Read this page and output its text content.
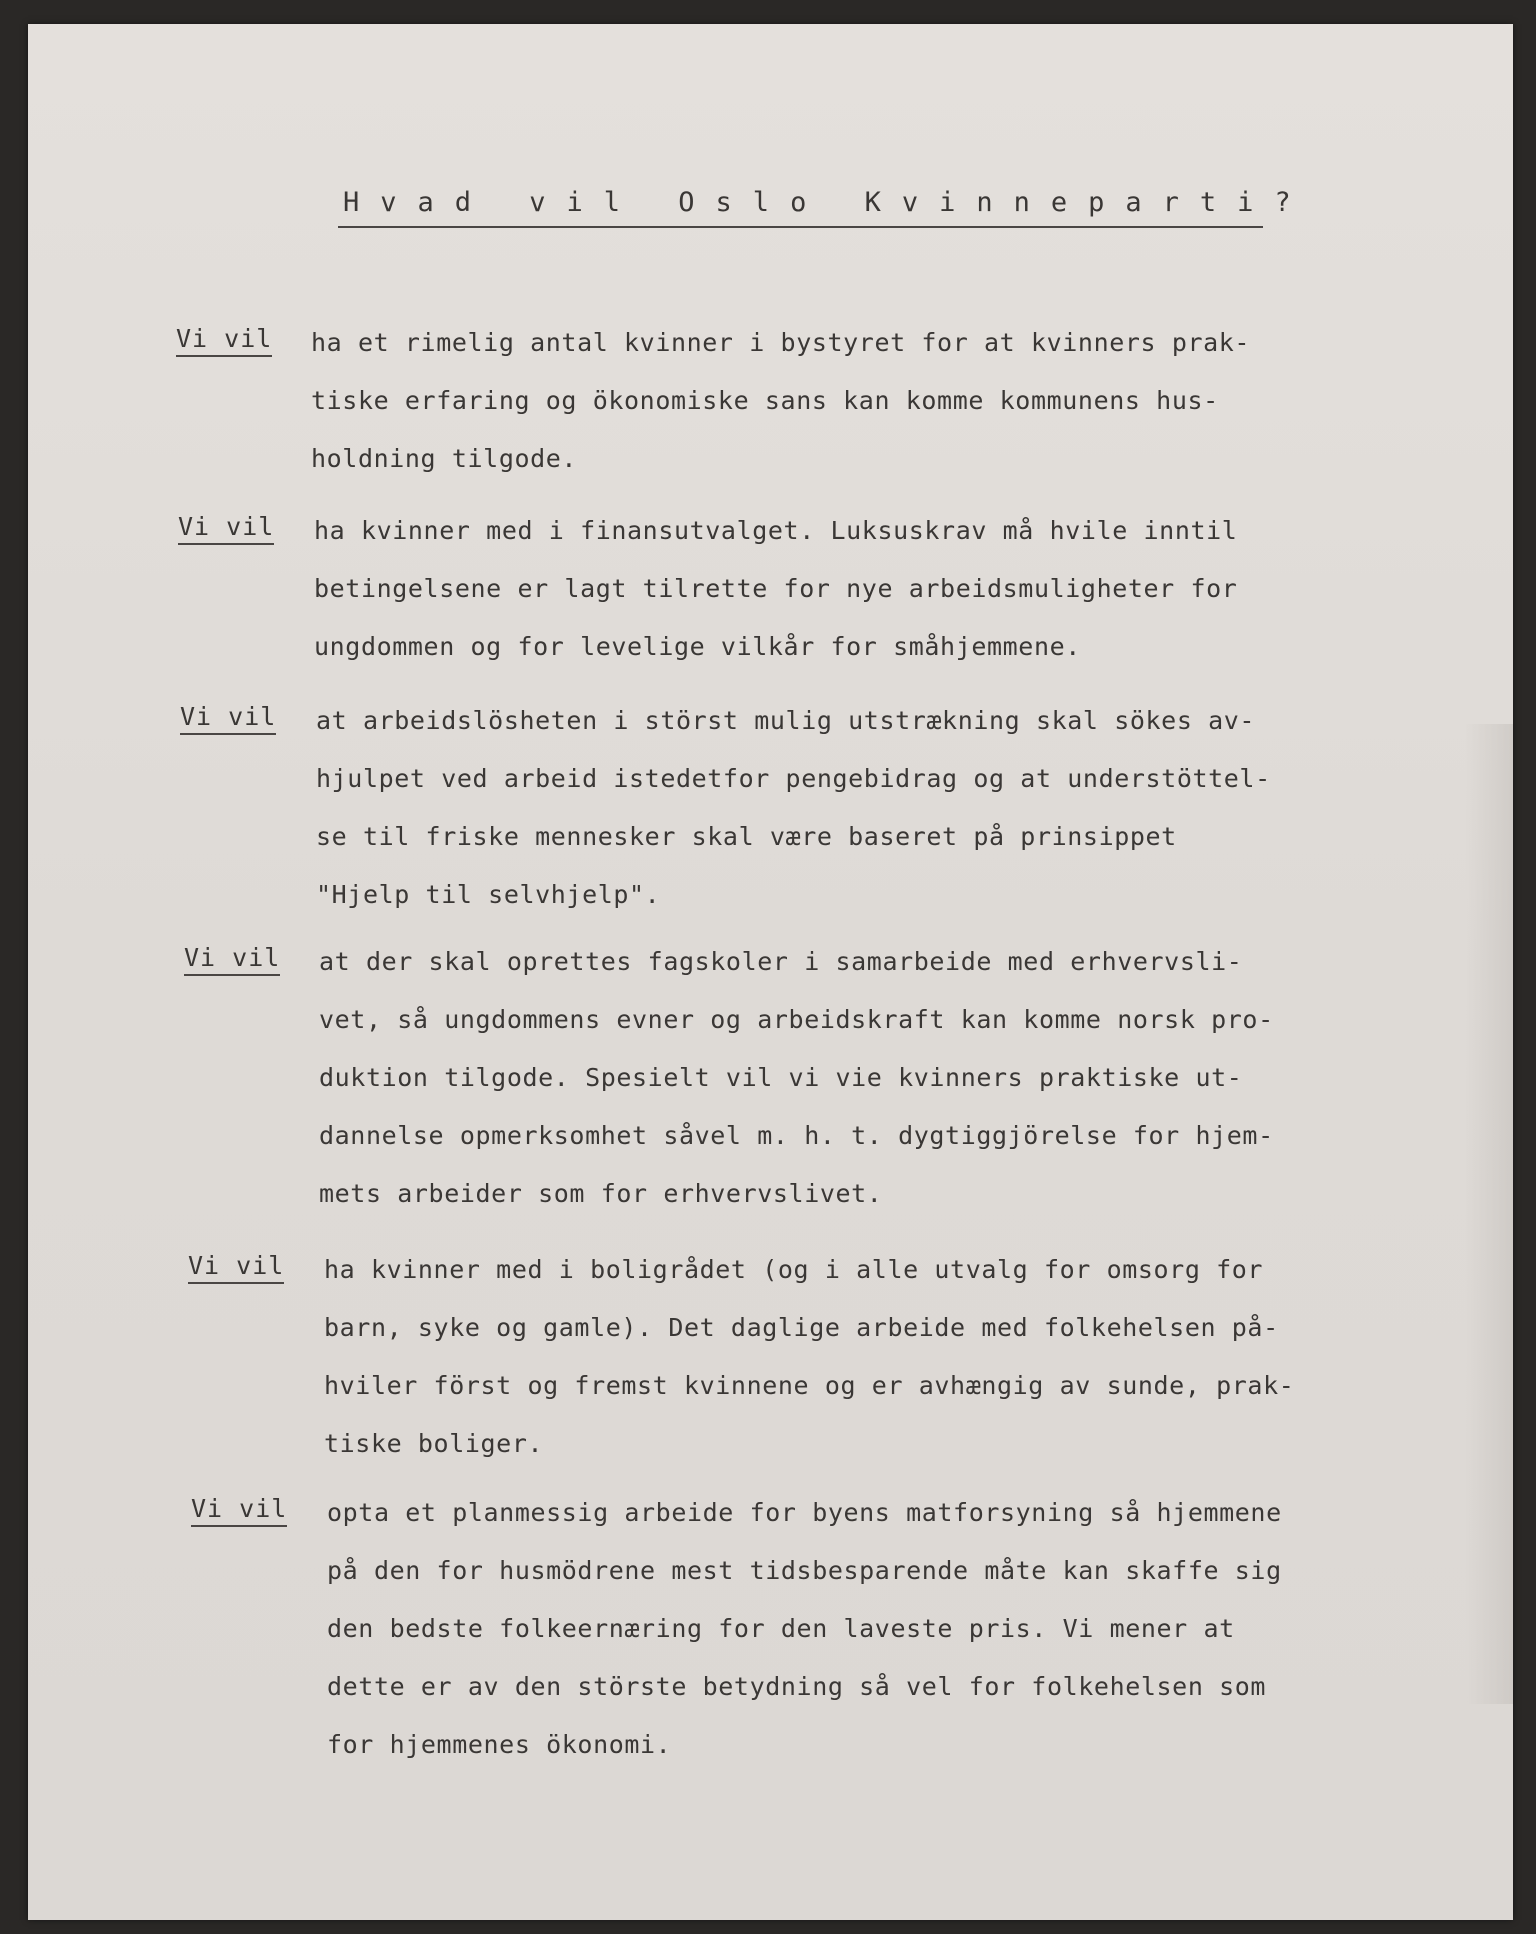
Hvad vil Oslo Kvinneparti?
Vi vil ha et rimelig antal kvinner i bystyret for at kvinners prak-
tiske erfaring og ökonomiske sans kan komme kommunens hus-
holdning tilgode.
Vi vil ha kvinner med i finansutvalget. Luksuskrav må hvile inntil
betingelsene er lagt tilrette for nye arbeidsmuligheter for
ungdommen og for levelige vilkår for småhjemmene.
Vi vil at arbeidslösheten i störst mulig utstrækning skal sökes av-
hjulpet ved arbeid istedetfor pengebidrag og at understöttel-
se til friske mennesker skal være baseret på prinsippet
"Hjelp til selvhjelp".
Vi vil at der skal oprettes fagskoler i samarbeide med erhvervsli-
vet, så ungdommens evner og arbeidskraft kan komme norsk pro-
duktion tilgode. Spesielt vil vi vie kvinners praktiske ut-
dannelse opmerksomhet såvel m. h. t. dygtiggjörelse for hjem-
mets arbeider som for erhvervslivet.
Vi vil ha kvinner med i boligrådet (og i alle utvalg for omsorg for
barn, syke og gamle). Det daglige arbeide med folkehelsen på-
hviler först og fremst kvinnene og er avhængig av sunde, prak-
tiske boliger.
Vi vil opta et planmessig arbeide for byens matforsyning så hjemmene
på den for husmödrene mest tidsbesparende måte kan skaffe sig
den bedste folkeernæring for den laveste pris. Vi mener at
dette er av den störste betydning så vel for folkehelsen som
for hjemmenes ökonomi.
